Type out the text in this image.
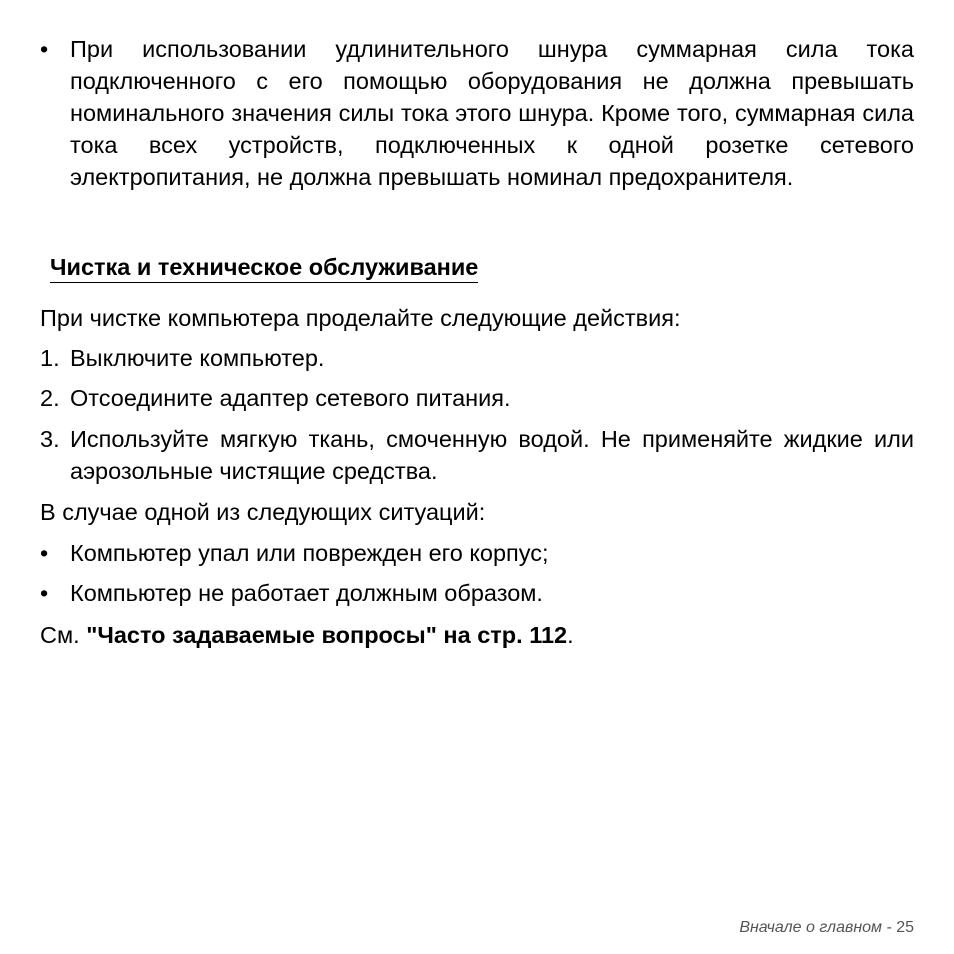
• При использовании удлинительного шнура суммарная сила тока подключенного с его помощью оборудования не должна превышать номинального значения силы тока этого шнура. Кроме того, суммарная сила тока всех устройств, подключенных к одной розетке сетевого электропитания, не должна превышать номинал предохранителя.
Чистка и техническое обслуживание
При чистке компьютера проделайте следующие действия:
1. Выключите компьютер.
2. Отсоедините адаптер сетевого питания.
3. Используйте мягкую ткань, смоченную водой. Не применяйте жидкие или аэрозольные чистящие средства.
В случае одной из следующих ситуаций:
• Компьютер упал или поврежден его корпус;
• Компьютер не работает должным образом.
См. "Часто задаваемые вопросы" на стр. 112.
Вначале о главном - 25
